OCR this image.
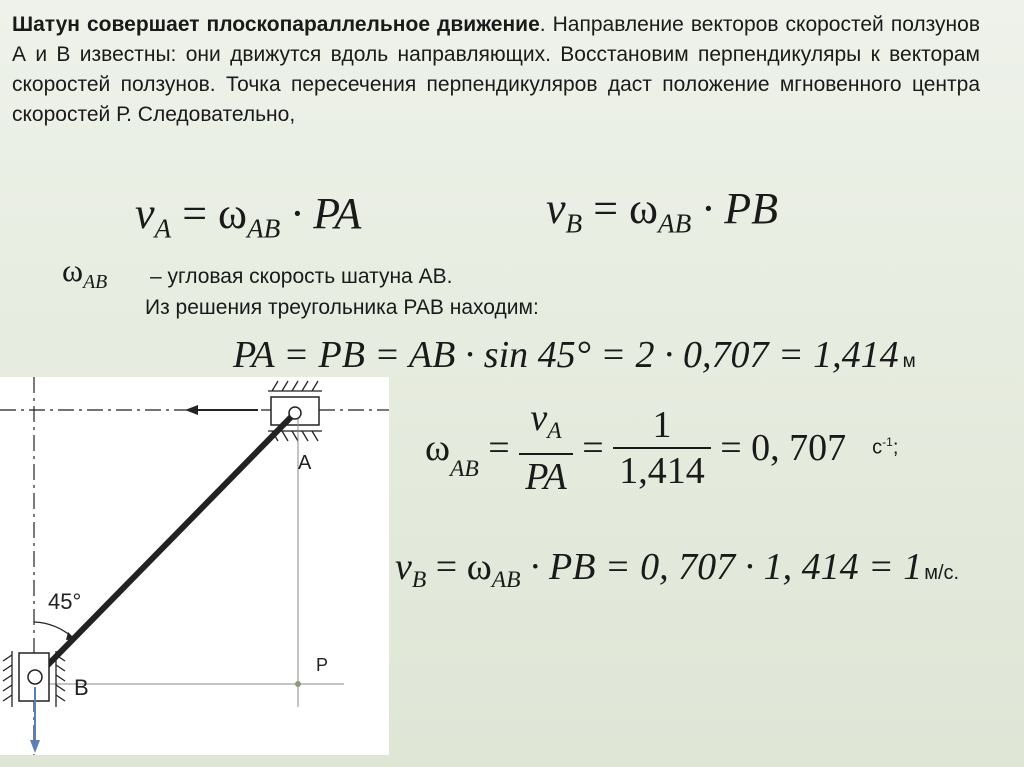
Шатун совершает плоскопараллельное движение. Направление векторов скоростей ползунов А и В известны: они движутся вдоль направляющих. Восстановим перпендикуляры к векторам скоростей ползунов. Точка пересечения перпендикуляров даст положение мгновенного центра скоростей Р. Следовательно,

$v_A = \omega_{AB}$ · PA	$v_B = \omega_{AB}$ · PB
$\omega_{AB}$ – угловая скорость шатуна АВ.
Из решения треугольника РАВ находим:
PA = PB = AB · sin 45° = 2 · 0,707 = 1,414 м
ω
AB
= $\frac{v_A}{PA} = \frac{1}{1,414} = 0$, 707 $с^{-1}$;
$v_B = \omega_{AB}$ · PB = 0, 707 · 1, 414 = 1 м/с.
A
B
P
45°
